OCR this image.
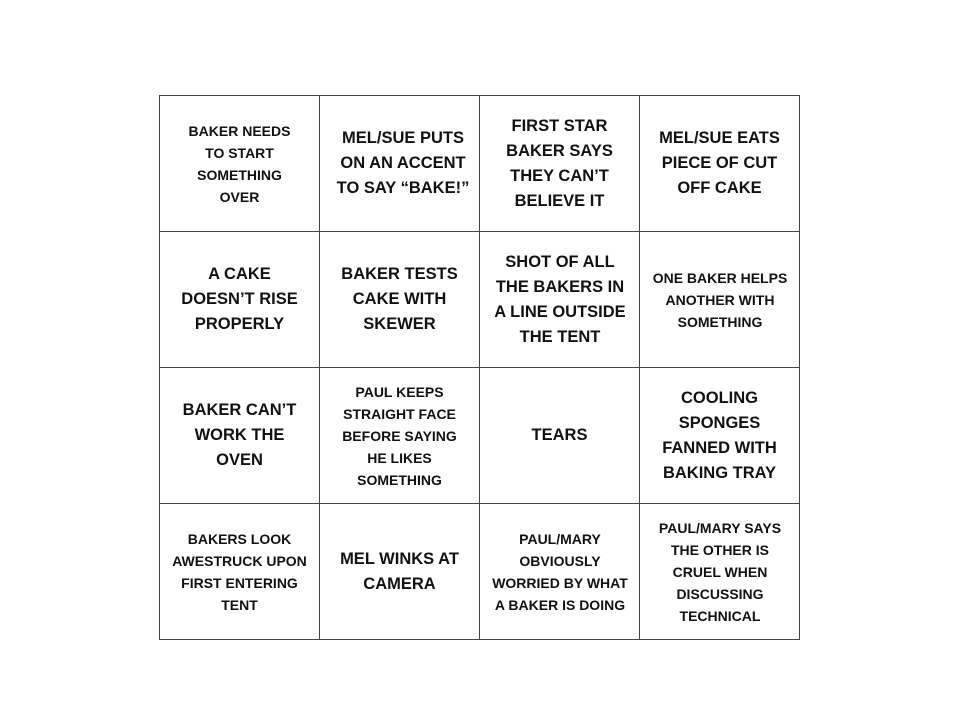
BAKER NEEDS TO START SOMETHING OVER	MEL/SUE PUTS ON AN ACCENT TO SAY “BAKE!”	FIRST STAR BAKER SAYS THEY CAN’T BELIEVE IT	MEL/SUE EATS PIECE OF CUT OFF CAKE
A CAKE DOESN’T RISE PROPERLY	BAKER TESTS CAKE WITH SKEWER	SHOT OF ALL THE BAKERS IN A LINE OUTSIDE THE TENT	ONE BAKER HELPS ANOTHER WITH SOMETHING
BAKER CAN’T WORK THE OVEN	PAUL KEEPS STRAIGHT FACE BEFORE SAYING HE LIKES SOMETHING	TEARS	COOLING SPONGES FANNED WITH BAKING TRAY
BAKERS LOOK AWESTRUCK UPON FIRST ENTERING TENT	MEL WINKS AT CAMERA	PAUL/MARY OBVIOUSLY WORRIED BY WHAT A BAKER IS DOING	PAUL/MARY SAYS THE OTHER IS CRUEL WHEN DISCUSSING TECHNICAL
